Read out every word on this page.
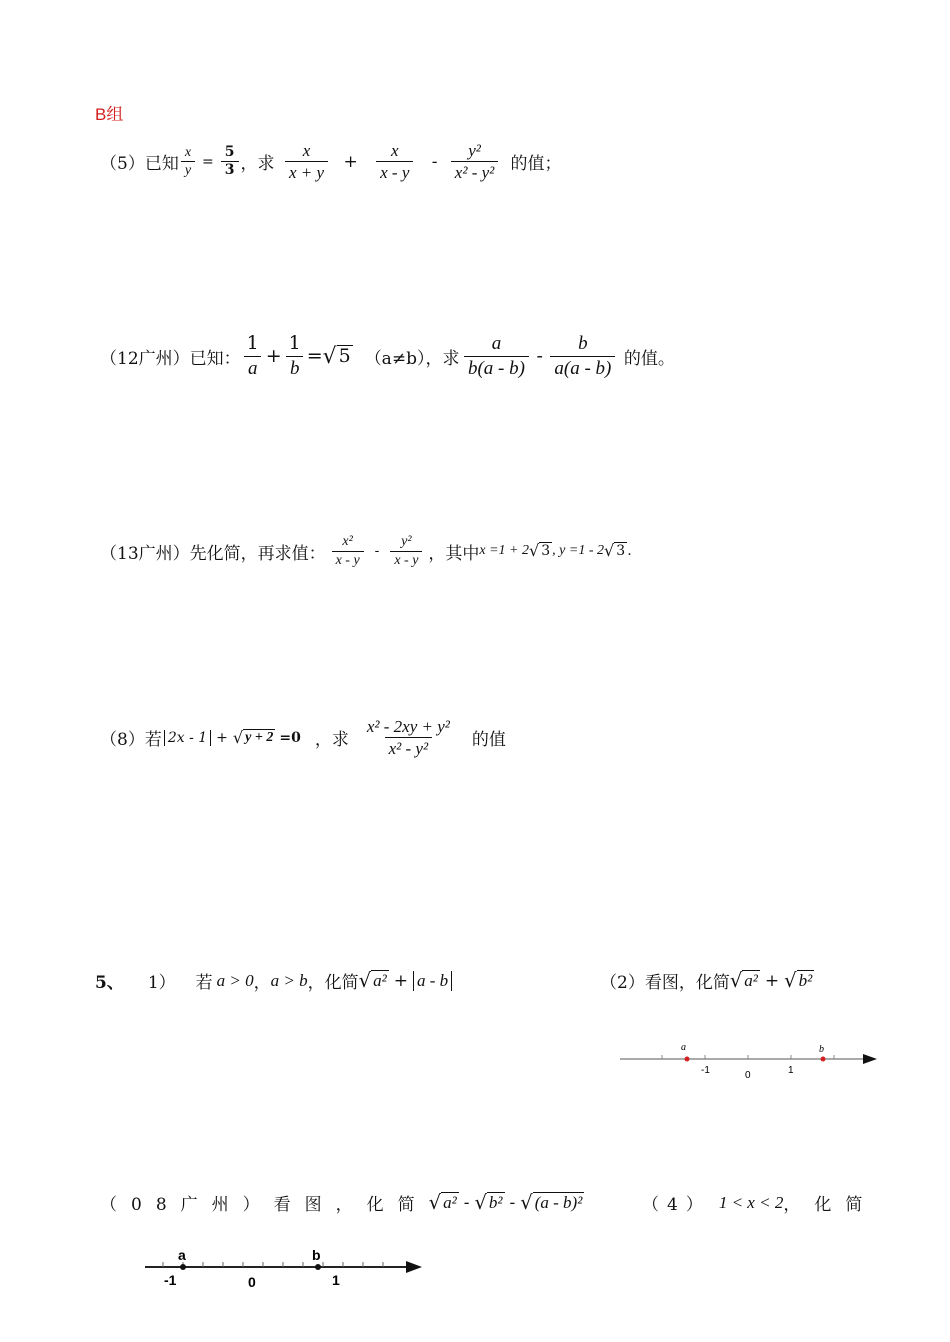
B组
（5） 已知 $\frac{x}{y} = \frac{5}{3}$ ，求 $\frac{x}{x + y} + \frac{x}{x - y} - \frac{\text{y²}}{\text{x² - y²}}$ 的值；
（12广州）已知： $\frac{1}{a} + \frac{1}{b}$ = √ 5 （a≠b），求 $\frac{a}{b(a - b)} - \frac{b}{a(a - b)}$ 的值。
（13广州）先化简，再求值： $\frac{\text{x²}}{x - y} - \frac{\text{y²}}{x - y}$ ，其中 x =1 + 2 √ 3 , y =1 - 2 √ 3 .
（8）若 2x - 1 + √ y + 2 =0 ，求 $\frac{\text{x² - 2xy + y²}}{\text{x² - y²}}$ 的值
5、 1） 若 a > 0 ， a > b ，化简 √ a² + a - b	（2）看图，化简 √ a² + √ b²
a	b
-1	0	1
（08广州）看图，化简 √ a² - √ b² - √ (a - b)²	（4） 1 < x < 2 ，化简
a	b
-1	0	1
